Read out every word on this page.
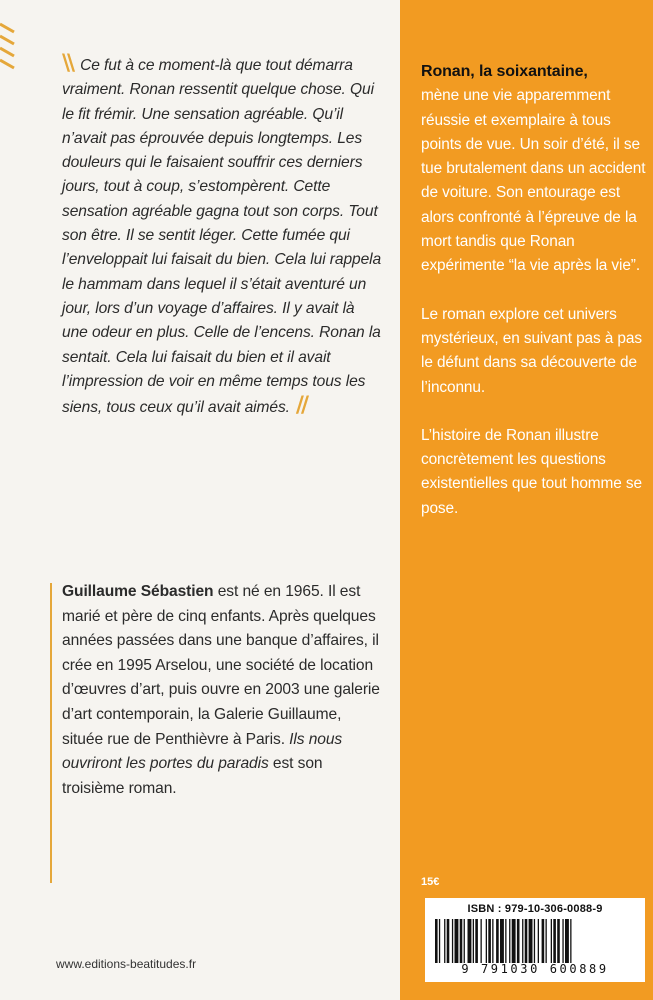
\\ Ce fut à ce moment-là que tout démarra vraiment. Ronan ressentit quelque chose. Qui le fit frémir. Une sensation agréable. Qu’il n’avait pas éprouvée depuis longtemps. Les douleurs qui le faisaient souffrir ces derniers jours, tout à coup, s’estompèrent. Cette sensation agréable gagna tout son corps. Tout son être. Il se sentit léger. Cette fumée qui l’enveloppait lui faisait du bien. Cela lui rappela le hammam dans lequel il s’était aventuré un jour, lors d’un voyage d’affaires. Il y avait là une odeur en plus. Celle de l’encens. Ronan la sentait. Cela lui faisait du bien et il avait l’impression de voir en même temps tous les siens, tous ceux qu’il avait aimés. //
Guillaume Sébastien est né en 1965. Il est marié et père de cinq enfants. Après quelques années passées dans une banque d’affaires, il crée en 1995 Arselou, une société de location d’œuvres d’art, puis ouvre en 2003 une galerie d’art contemporain, la Galerie Guillaume, située rue de Penthièvre à Paris. Ils nous ouvriront les portes du paradis est son troisième roman.
www.editions-beatitudes.fr

Ronan, la soixantaine,
mène une vie apparemment réussie et exemplaire à tous points de vue. Un soir d’été, il se tue brutalement dans un accident de voiture. Son entourage est alors confronté à l’épreuve de la mort tandis que Ronan expérimente “la vie après la vie”.

Le roman explore cet univers mystérieux, en suivant pas à pas le défunt dans sa découverte de l’inconnu.

L’histoire de Ronan illustre concrètement les questions existentielles que tout homme se pose.

15€
ISBN : 979-10-306-0088-9
9 791030 600889
